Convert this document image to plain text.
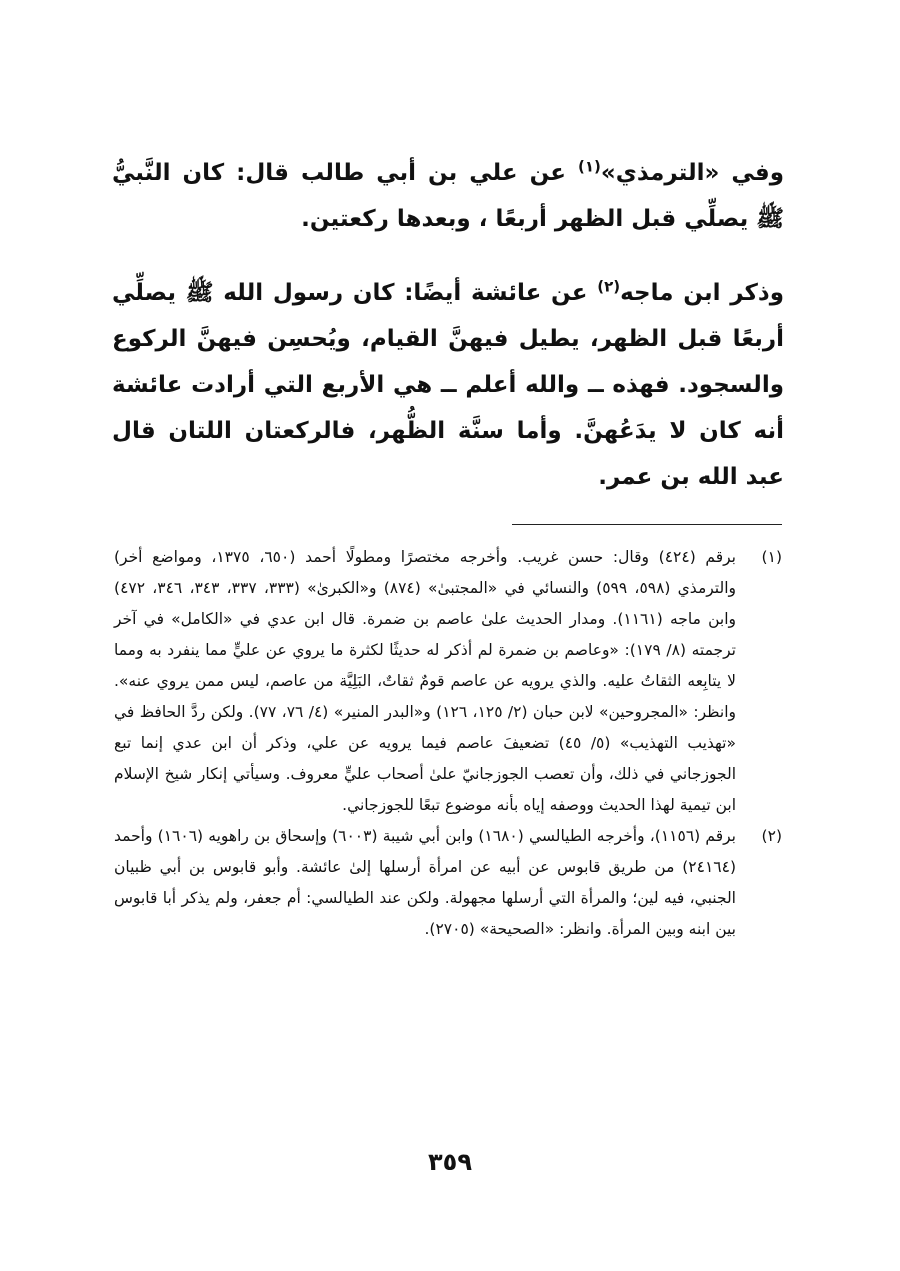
وفي «الترمذي»$^{(١)}$ عن علي بن أبي طالب قال: كان النَّبيُّ ﷺ يصلِّي قبل الظهر أربعًا ، وبعدها ركعتين.

وذكر ابن ماجه$^{(٢)}$ عن عائشة أيضًا: كان رسول الله ﷺ يصلِّي أربعًا قبل الظهر، يطيل فيهنَّ القيام، ويُحسِن فيهنَّ الركوع والسجود. فهذه ــ والله أعلم ــ هي الأربع التي أرادت عائشة أنه كان لا يدَعُهنَّ. وأما سنَّة الظُّهر، فالركعتان اللتان قال عبد الله بن عمر.

(١)
برقم (٤٢٤) وقال: حسن غريب. وأخرجه مختصرًا ومطولًا أحمد (٦٥٠، ١٣٧٥، ومواضع أخر) والترمذي (٥٩٨، ٥٩٩) والنسائي في «المجتبىٰ» (٨٧٤) و«الكبرىٰ» (٣٣٣، ٣٣٧، ٣٤٣، ٣٤٦، ٤٧٢) وابن ماجه (١١٦١). ومدار الحديث علىٰ عاصم بن ضمرة. قال ابن عدي في «الكامل» في آخر ترجمته (٨/ ١٧٩): «وعاصم بن ضمرة لم أذكر له حديثًا لكثرة ما يروي عن عليٍّ مما ينفرد به ومما لا يتابِعه الثقاتُ عليه. والذي يرويه عن عاصم قومٌ ثقاتٌ، البَلِيَّة من عاصم، ليس ممن يروي عنه». وانظر: «المجروحين» لابن حبان (٢/ ١٢٥، ١٢٦) و«البدر المنير» (٤/ ٧٦، ٧٧). ولكن ردَّ الحافظ في «تهذيب التهذيب» (٥/ ٤٥) تضعيفَ عاصم فيما يرويه عن علي، وذكر أن ابن عدي إنما تبع الجوزجاني في ذلك، وأن تعصب الجوزجانيّ علىٰ أصحاب عليٍّ معروف. وسيأتي إنكار شيخ الإسلام ابن تيمية لهذا الحديث ووصفه إياه بأنه موضوع تبعًا للجوزجاني.
(٢)
برقم (١١٥٦)، وأخرجه الطيالسي (١٦٨٠) وابن أبي شيبة (٦٠٠٣) وإسحاق بن راهويه (١٦٠٦) وأحمد (٢٤١٦٤) من طريق قابوس عن أبيه عن امرأة أرسلها إلىٰ عائشة. وأبو قابوس بن أبي ظبيان الجنبي، فيه لين؛ والمرأة التي أرسلها مجهولة. ولكن عند الطيالسي: أم جعفر، ولم يذكر أبا قابوس بين ابنه وبين المرأة. وانظر: «الصحيحة» (٢٧٠٥).
٣٥٩
